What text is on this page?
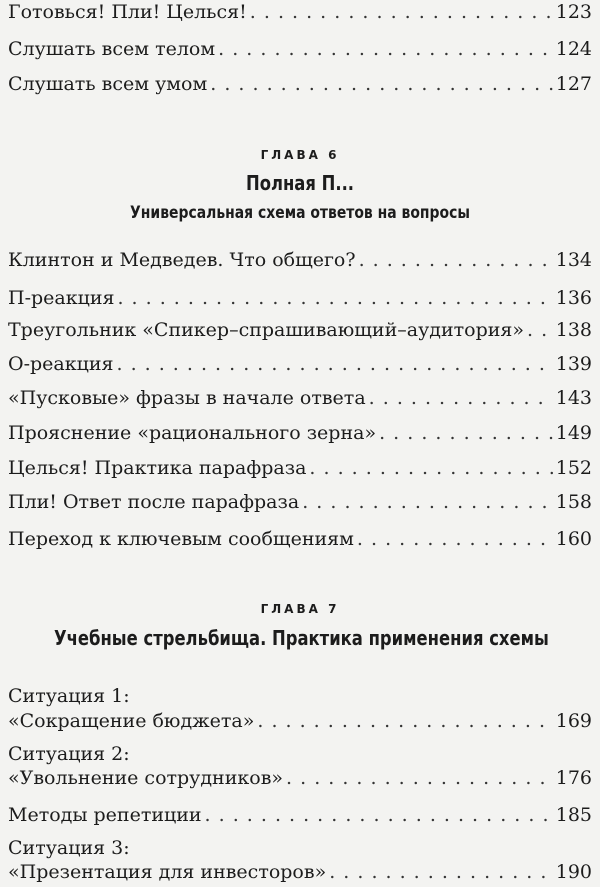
Готовься! Пли! Целься! . . .	123
Слушать всем телом . . .	124
Слушать всем умом . . .	127
ГЛАВА 6
Полная П...
Универсальная схема ответов на вопросы
Клинтон и Медведев. Что общего? . . .	134
П-реакция . . .	136
Треугольник «Спикер–спрашивающий–аудитория» . . . 138
О-реакция . . .	139
«Пусковые» фразы в начале ответа . . .	143
Прояснение «рационального зерна» . . .	149
Целься! Практика парафраза . . .	152
Пли! Ответ после парафраза . . .	158
Переход к ключевым сообщениям . . .	160
ГЛАВА 7
Учебные стрельбища. Практика применения схемы
Ситуация 1:
«Сокращение бюджета» . . .	169
Ситуация 2:
«Увольнение сотрудников» . . .	176
Методы репетиции . . .	185
Ситуация 3:
«Презентация для инвесторов» . . .	190
